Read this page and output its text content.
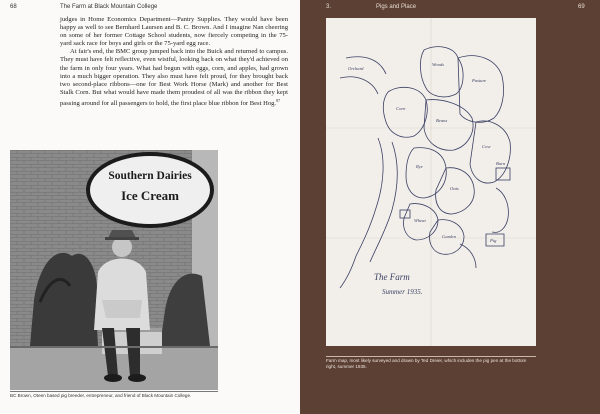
68	The Farm at Black Mountain College

judges in Home Economics Department—Pantry Supplies. They would have been happy as well to see Bernhard Laursen and B. C. Brown. And I imagine Nan cheering on some of her former Cottage School students, now fiercely competing in the 75-yard sack race for boys and girls or the 75-yard egg race.

At fair's end, the BMC group jumped back into the Buick and returned to campus. They must have felt reflective, even wistful, looking back on what they'd achieved on the farm in only four years. What had begun with eggs, corn, and apples, had grown into a much bigger operation. They also must have felt proud, for they brought back two second-place ribbons—one for Best Work Horse (Mark) and another for Best Stalk Corn. But what would have made them proudest of all was the ribbon they kept passing around for all passengers to hold, the first place blue ribbon for Best Hog.$^{87}$

Southern Dairies
Ice Cream
BC Brown, Oteen based pig breeder, entrepreneur, and friend of Black Mountain College.
3.	Pigs and Place	69
Woods
Corn
Pasture
Beans
Rye
Cow
Pig
Oats
Wheat
Garden
Orchard
Barn
The Farm
Summer 1935.
Farm map, most likely surveyed and drawn by Ted Dreier, which includes the pig pen at the bottom right, summer 1935.
